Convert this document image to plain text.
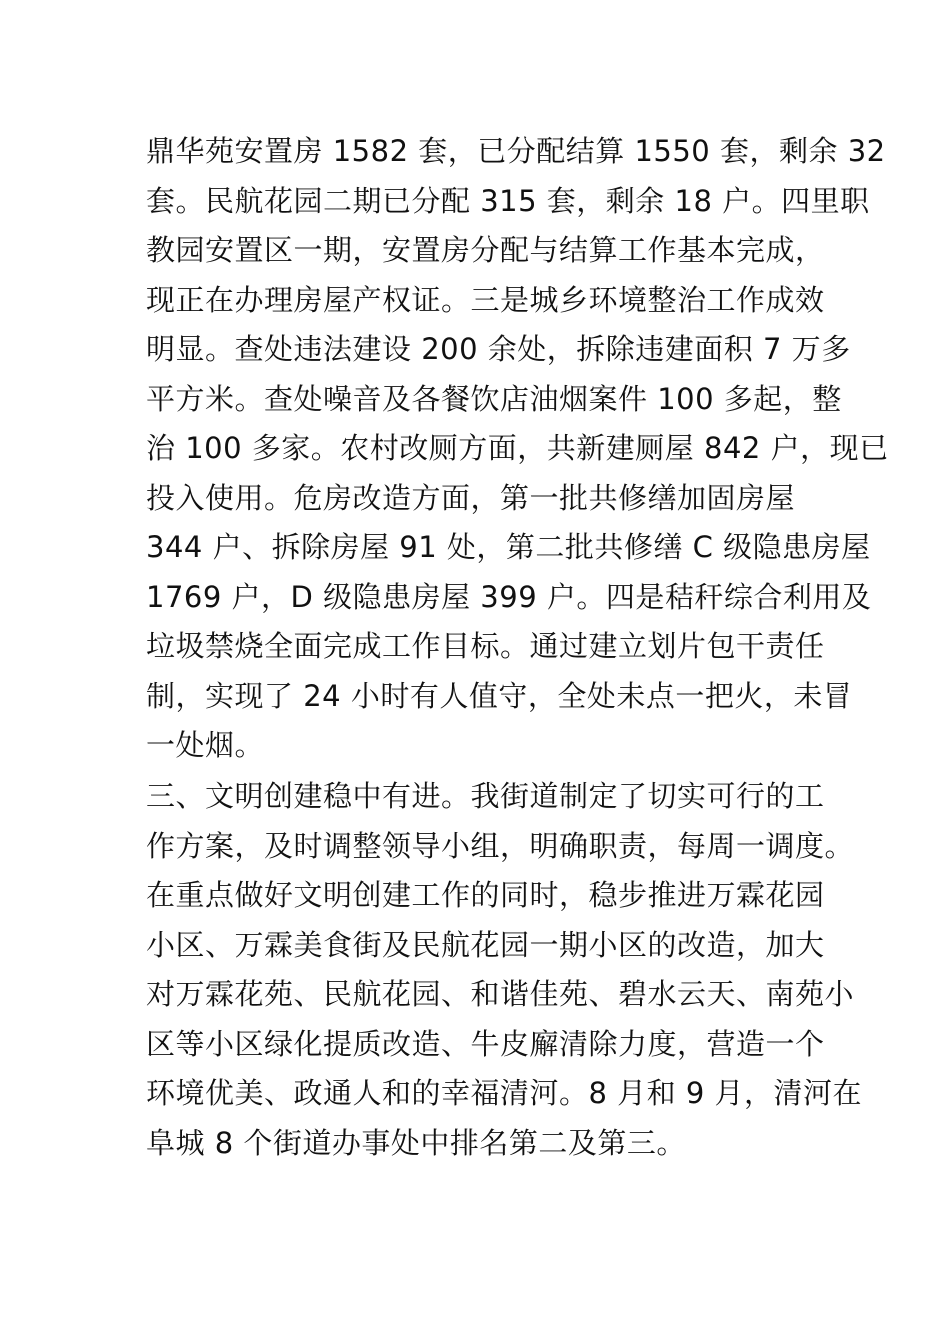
鼎华苑安置房 1582 套，已分配结算 1550 套，剩余 32
套。民航花园二期已分配 315 套，剩余 18 户。四里职
教园安置区一期，安置房分配与结算工作基本完成，
现正在办理房屋产权证。三是城乡环境整治工作成效
明显。查处违法建设 200 余处，拆除违建面积 7 万多
平方米。查处噪音及各餐饮店油烟案件 100 多起，整
治 100 多家。农村改厕方面，共新建厕屋 842 户，现已
投入使用。危房改造方面，第一批共修缮加固房屋
344 户、拆除房屋 91 处，第二批共修缮 C 级隐患房屋
1769 户，D 级隐患房屋 399 户。四是秸秆综合利用及
垃圾禁烧全面完成工作目标。通过建立划片包干责任
制，实现了 24 小时有人值守，全处未点一把火，未冒
一处烟。
三、文明创建稳中有进。我街道制定了切实可行的工
作方案，及时调整领导小组，明确职责，每周一调度。
在重点做好文明创建工作的同时，稳步推进万霖花园
小区、万霖美食街及民航花园一期小区的改造，加大
对万霖花苑、民航花园、和谐佳苑、碧水云天、南苑小
区等小区绿化提质改造、牛皮廨清除力度，营造一个
环境优美、政通人和的幸福清河。8 月和 9 月，清河在
阜城 8 个街道办事处中排名第二及第三。
